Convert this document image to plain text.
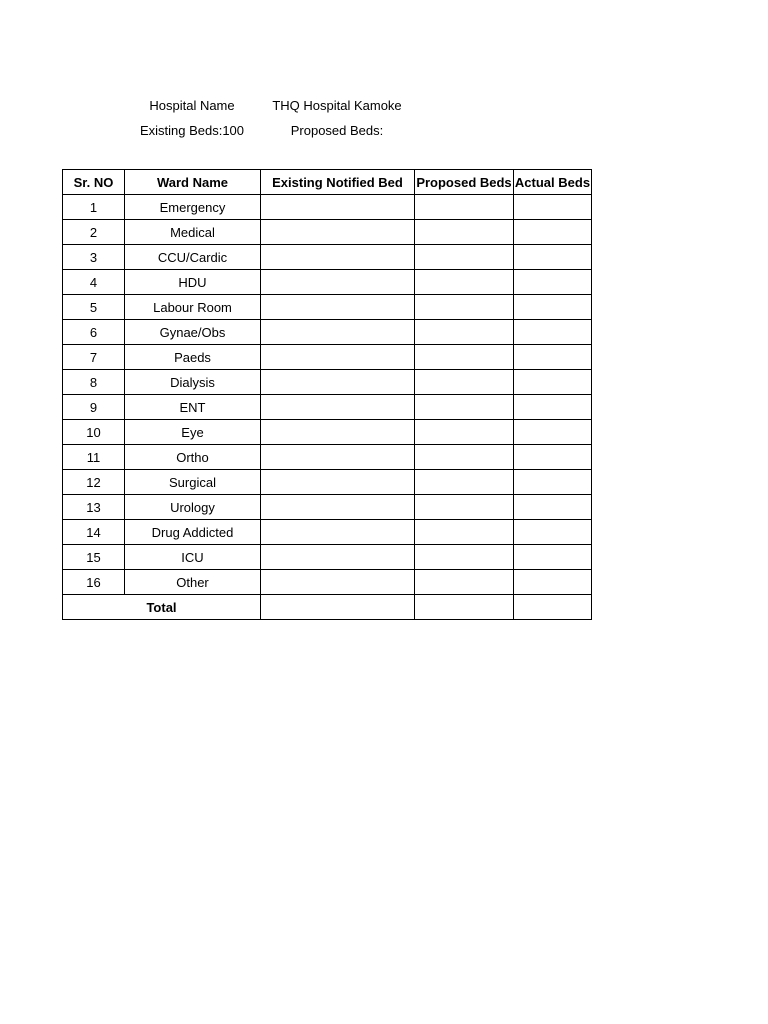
Hospital Name	THQ Hospital Kamoke
Existing Beds:100	Proposed Beds:
Sr. NO	Ward Name	Existing Notified Bed	Proposed Beds	Actual Beds
1	Emergency			
2	Medical			
3	CCU/Cardic			
4	HDU			
5	Labour Room			
6	Gynae/Obs			
7	Paeds			
8	Dialysis			
9	ENT			
10	Eye			
11	Ortho			
12	Surgical			
13	Urology			
14	Drug Addicted			
15	ICU			
16	Other			
Total				
